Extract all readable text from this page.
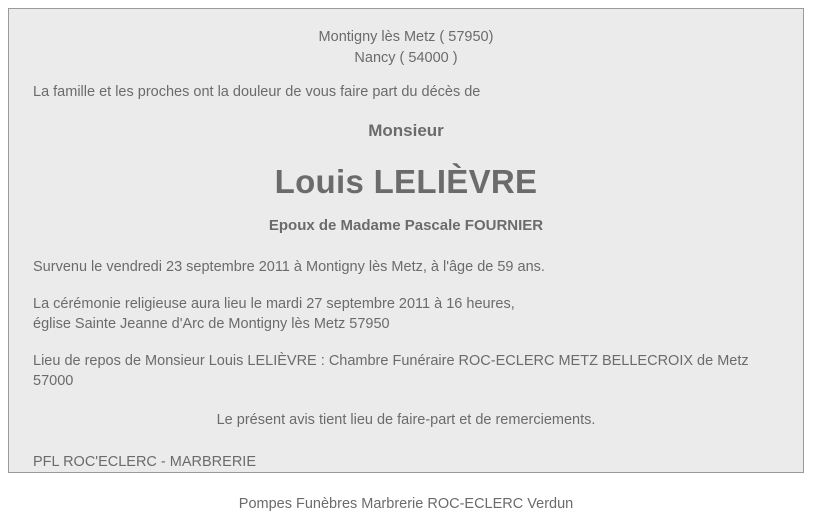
Montigny lès Metz ( 57950)
Nancy ( 54000 )
La famille et les proches ont la douleur de vous faire part du décès de
Monsieur
Louis LELIÈVRE
Epoux de Madame Pascale FOURNIER
Survenu le vendredi 23 septembre 2011 à Montigny lès Metz, à l'âge de 59 ans.
La cérémonie religieuse aura lieu le mardi 27 septembre 2011 à 16 heures,
église Sainte Jeanne d'Arc de Montigny lès Metz 57950
Lieu de repos de Monsieur Louis LELIÈVRE : Chambre Funéraire ROC-ECLERC METZ BELLECROIX de Metz 57000
Le présent avis tient lieu de faire-part et de remerciements.
PFL ROC'ECLERC - MARBRERIE
Pompes Funèbres Marbrerie ROC-ECLERC Verdun
